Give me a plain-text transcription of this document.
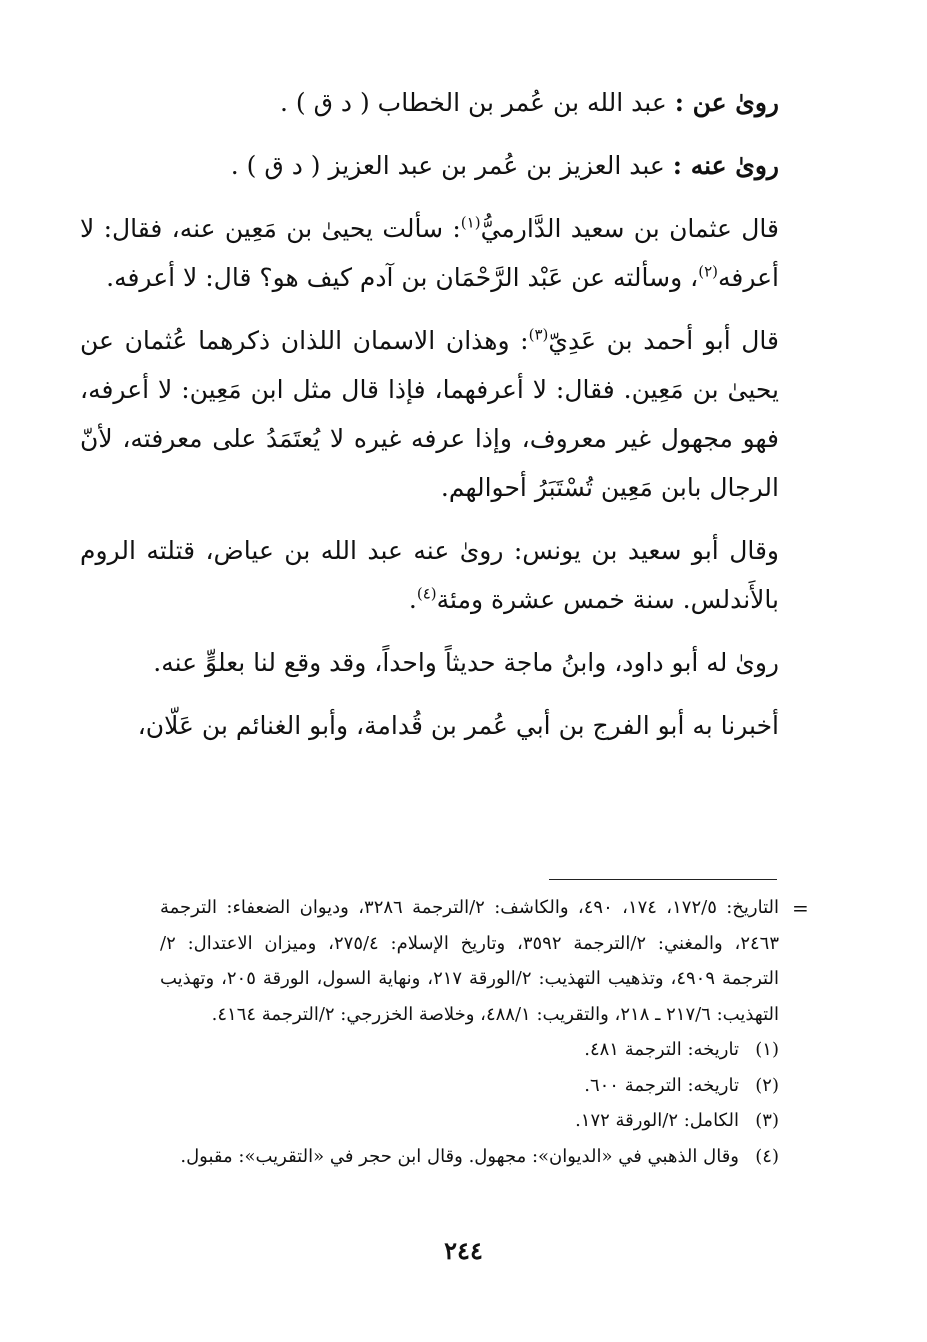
روىٰ عن : عبد الله بن عُمر بن الخطاب ( د ق ) .

روىٰ عنه : عبد العزيز بن عُمر بن عبد العزيز ( د ق ) .

قال عثمان بن سعيد الدَّارميُّ$^{(١)}$: سألت يحيىٰ بن مَعِين عنه، فقال: لا أعرفه$^{(٢)}$، وسألته عن عَبْد الرَّحْمَان بن آدم كيف هو؟ قال: لا أعرفه.

قال أبو أحمد بن عَدِيّ$^{(٣)}$: وهذان الاسمان اللذان ذكرهما عُثمان عن يحيىٰ بن مَعِين. فقال: لا أعرفهما، فإذا قال مثل ابن مَعِين: لا أعرفه، فهو مجهول غير معروف، وإذا عرفه غيره لا يُعتَمَدُ على معرفته، لأنّ الرجال بابن مَعِين تُسْتَبَرُ أحوالهم.

وقال أبو سعيد بن يونس: روىٰ عنه عبد الله بن عياض، قتلته الروم بالأَندلس. سنة خمس عشرة ومئة$^{(٤)}$.

روىٰ له أبو داود، وابنُ ماجة حديثاً واحداً، وقد وقع لنا بعلوٍّ عنه.

أخبرنا به أبو الفرج بن أبي عُمر بن قُدامة، وأبو الغنائم بن عَلّان،

=

التاريخ: ١٧٢/٥، ١٧٤، ٤٩٠، والكاشف: ٢/الترجمة ٣٢٨٦، وديوان الضعفاء: الترجمة ٢٤٦٣، والمغني: ٢/الترجمة ٣٥٩٢، وتاريخ الإسلام: ٢٧٥/٤، وميزان الاعتدال: ٢/الترجمة ٤٩٠٩، وتذهيب التهذيب: ٢/الورقة ٢١٧، ونهاية السول، الورقة ٢٠٥، وتهذيب التهذيب: ٢١٧/٦ ـ ٢١٨، والتقريب: ٤٨٨/١، وخلاصة الخزرجي: ٢/الترجمة ٤١٦٤.

(١)تاريخه: الترجمة ٤٨١.

(٢)تاريخه: الترجمة ٦٠٠.

(٣)الكامل: ٢/الورقة ١٧٢.

(٤)وقال الذهبي في «الديوان»: مجهول. وقال ابن حجر في «التقريب»: مقبول.

٢٤٤
